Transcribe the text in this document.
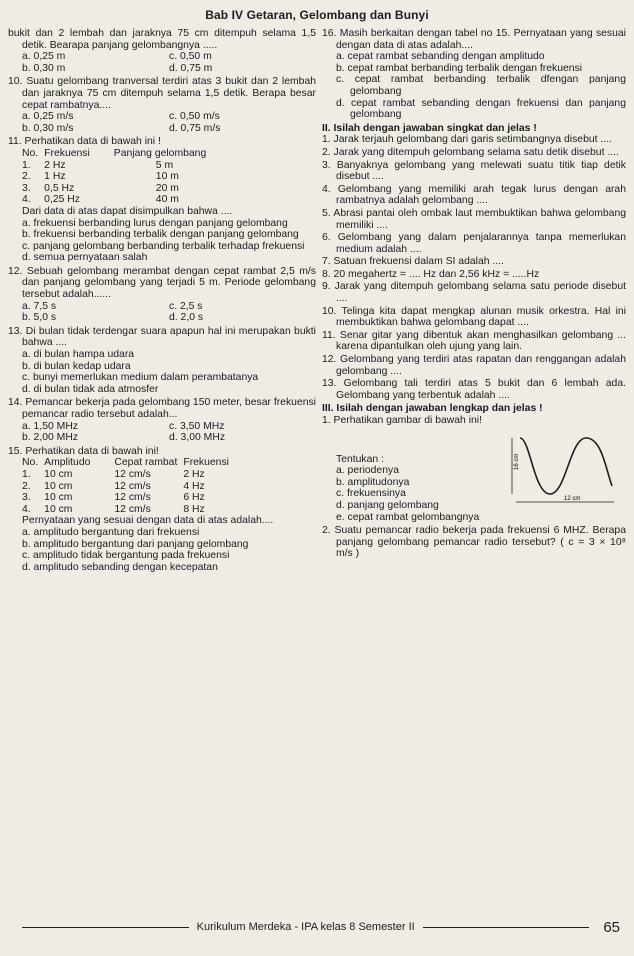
Bab IV Getaran, Gelombang dan Bunyi
bukit dan 2 lembah dan jaraknya 75 cm ditempuh selama 1,5 detik. Bearapa panjang gelombangnya .....
a. 0,25 m	c. 0,50 m
b. 0,30 m	d. 0,75 m
10. Suatu gelombang tranversal terdiri atas 3 bukit dan 2 lembah dan jaraknya 75 cm ditempuh selama 1,5 detik. Berapa besar cepat rambatnya....
a. 0,25 m/s	c. 0,50 m/s
b. 0,30 m/s	d. 0,75 m/s
11. Perhatikan data di bawah ini !
No.	Frekuensi	Panjang gelombang
1.	2 Hz	5 m
2.	1 Hz	10 m
3.	0,5 Hz	20 m
4.	0,25 Hz	40 m
Dari data di atas dapat disimpulkan bahwa ....
a. frekuensi berbanding lurus dengan panjang gelombang
b. frekuensi berbanding terbalik dengan panjang gelombang
c. panjang gelombang berbanding terbalik terhadap frekuensi
d. semua pernyataan salah
12. Sebuah gelombang merambat dengan cepat rambat 2,5 m/s dan panjang gelombang yang terjadi 5 m. Periode gelombang tersebut adalah......
a. 7,5 s	c. 2,5 s
b. 5,0 s	d. 2,0 s
13. Di bulan tidak terdengar suara apapun hal ini merupakan bukti bahwa ....
a. di bulan hampa udara
b. di bulan kedap udara
c. bunyi memerlukan medium dalam perambatanya
d. di bulan tidak ada atmosfer
14. Pemancar bekerja pada gelombang 150 meter, besar frekuensi pemancar radio tersebut adalah...
a. 1,50 MHz	c. 3,50 MHz
b. 2,00 MHz	d. 3,00 MHz
15. Perhatikan data di bawah ini!
No.	Amplitudo	Cepat rambat	Frekuensi
1.	10 cm	12 cm/s	2 Hz
2.	10 cm	12 cm/s	4 Hz
3.	10 cm	12 cm/s	6 Hz
4.	10 cm	12 cm/s	8 Hz
Pernyataan yang sesuai dengan data di atas adalah....
a. amplitudo bergantung dari frekuensi
b. amplitudo bergantung dari panjang gelombang
c. amplitudo tidak bergantung pada frekuensi
d. amplitudo sebanding dengan kecepatan
16. Masih berkaitan dengan tabel no 15. Pernyataan yang sesuai dengan data di atas adalah....
a. cepat rambat sebanding dengan amplitudo
b. cepat rambat berbanding terbalik dengan frekuensi
c. cepat rambat berbanding terbalik dfengan panjang gelombang
d. cepat rambat sebanding dengan frekuensi dan panjang gelombang
II. Isilah dengan jawaban singkat dan jelas !
1. Jarak terjauh gelombang dari garis setimbangnya disebut ....
2. Jarak yang ditempuh gelombang selama satu detik disebut ....
3. Banyaknya gelombang yang melewati suatu titik tiap detik disebut ....
4. Gelombang yang memiliki arah tegak lurus dengan arah rambatnya adalah gelombang ....
5. Abrasi pantai oleh ombak laut membuktikan bahwa gelombang memiliki ....
6. Gelombang yang dalam penjalarannya tanpa memerlukan medium adalah ....
7. Satuan frekuensi dalam SI adalah ....
8. 20 megahertz = .... Hz dan 2,56 kHz = .....Hz
9. Jarak yang ditempuh gelombang selama satu periode disebut ....
10. Telinga kita dapat mengkap alunan musik orkestra. Hal ini membuktikan bahwa gelombang dapat ....
11. Senar gitar yang dibentuk akan menghasilkan gelombang ... karena dipantulkan oleh ujung yang lain.
12. Gelombang yang terdiri atas rapatan dan renggangan adalah gelombang ....
13. Gelombang tali terdiri atas 5 bukit dan 6 lembah ada. Gelombang yang terbentuk adalah ....
III. Isilah dengan jawaban lengkap dan jelas !
1. Perhatikan gambar di bawah ini!
Tentukan :
a. periodenya
b. amplitudonya
c. frekuensinya
d. panjang gelombang
e. cepat rambat gelombangnya
16 cm
12 cm
2. Suatu pemancar radio bekerja pada frekuensi 6 MHZ. Berapa panjang gelombang pemancar radio tersebut? ( c = 3 × 10⁸ m/s )
Kurikulum Merdeka - IPA kelas 8 Semester II	65
